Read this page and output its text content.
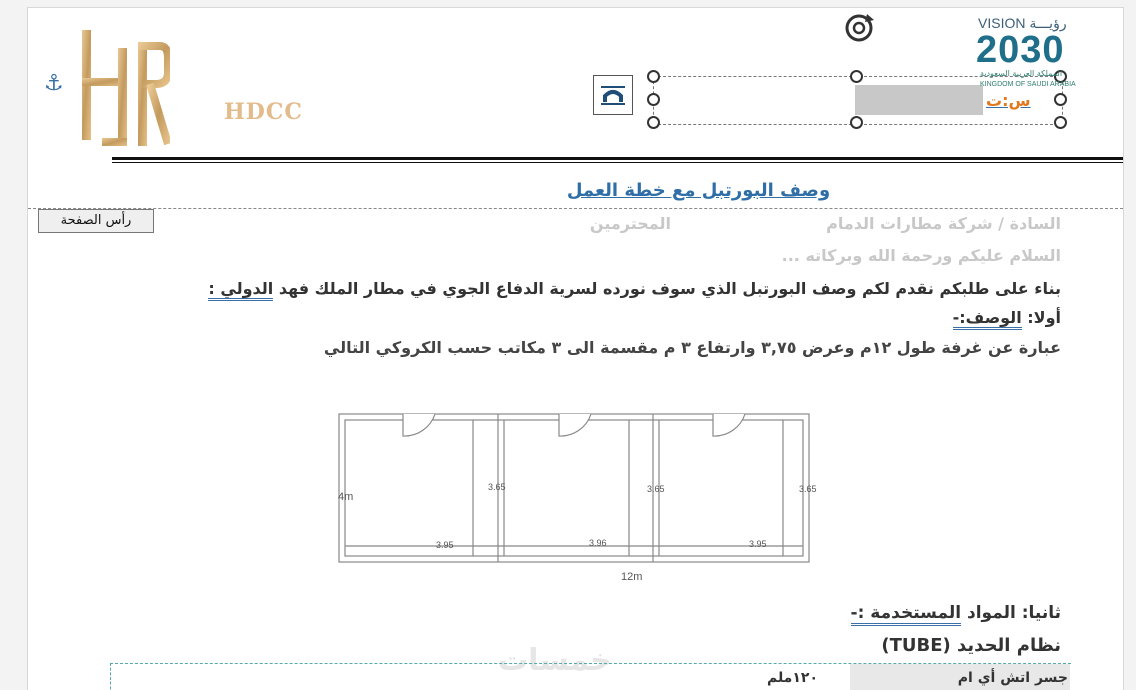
⚓
HDCC	س:ت
VISION رؤيـــة
2030
المملكة العربية السعودية
KINGDOM OF SAUDI ARABIA
وصف البورتبل مع خطة العمل
رأس الصفحة	السادة / شركة مطارات الدمام
المحترمين
السلام عليكم ورحمة الله وبركاته ...
بناء على طلبكم نقدم لكم وصف البورتبل الذي سوف نورده لسرية الدفاع الجوي في مطار الملك فهد الدولي :
أولا: الوصف:-
عبارة عن غرفة طول ١٢م وعرض ٣,٧٥ وارتفاع ٣ م مقسمة الى ٣ مكاتب حسب الكروكي التالي
4m
12m
3.65	3.65	3.65
3.95	3.96	3.95
ثانيا: المواد المستخدمة :-
نظام الحديد (TUBE)
خمسات	جسر اتش أي ام
١٢٠ملم
